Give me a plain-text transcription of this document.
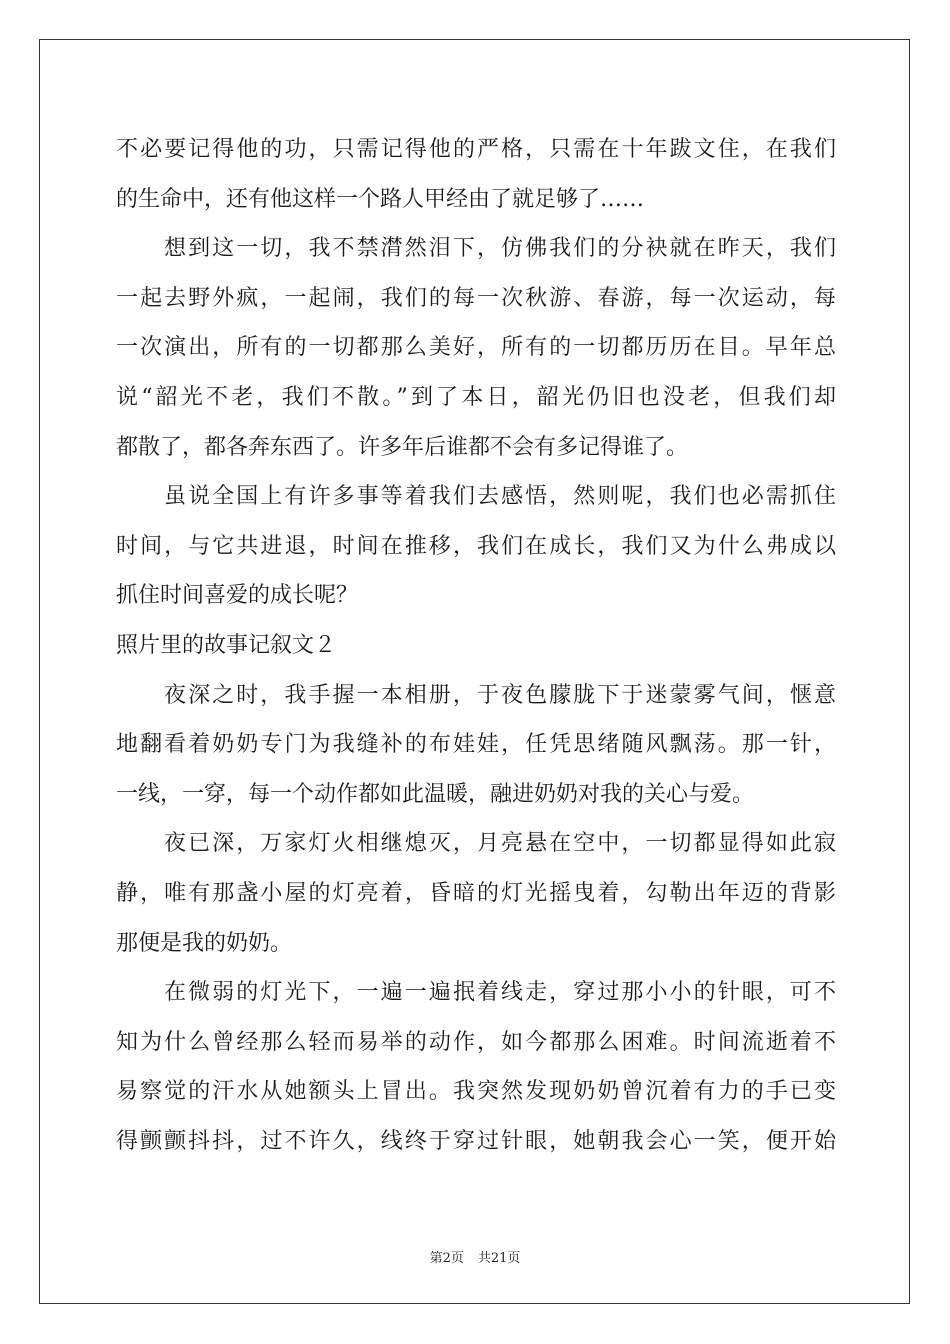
不必要记得他的功，只需记得他的严格，只需在十年跋文住，在我们
的生命中，还有他这样一个路人甲经由了就足够了……
想到这一切，我不禁潸然泪下，仿佛我们的分袂就在昨天，我们
一起去野外疯，一起闹，我们的每一次秋游、春游，每一次运动，每
一次演出，所有的一切都那么美好，所有的一切都历历在目。早年总
说“韶光不老，我们不散。”到了本日，韶光仍旧也没老，但我们却
都散了，都各奔东西了。许多年后谁都不会有多记得谁了。
虽说全国上有许多事等着我们去感悟，然则呢，我们也必需抓住
时间，与它共进退，时间在推移，我们在成长，我们又为什么弗成以
抓住时间喜爱的成长呢？
照片里的故事记叙文２
夜深之时，我手握一本相册，于夜色朦胧下于迷蒙雾气间，惬意
地翻看着奶奶专门为我缝补的布娃娃，任凭思绪随风飘荡。那一针，
一线，一穿，每一个动作都如此温暖，融进奶奶对我的关心与爱。
夜已深，万家灯火相继熄灭，月亮悬在空中，一切都显得如此寂
静，唯有那盏小屋的灯亮着，昏暗的灯光摇曳着，勾勒出年迈的背影
那便是我的奶奶。
在微弱的灯光下，一遍一遍抿着线走，穿过那小小的针眼，可不
知为什么曾经那么轻而易举的动作，如今都那么困难。时间流逝着不
易察觉的汗水从她额头上冒出。我突然发现奶奶曾沉着有力的手已变
得颤颤抖抖，过不许久，线终于穿过针眼，她朝我会心一笑，便开始
第2页 共21页
